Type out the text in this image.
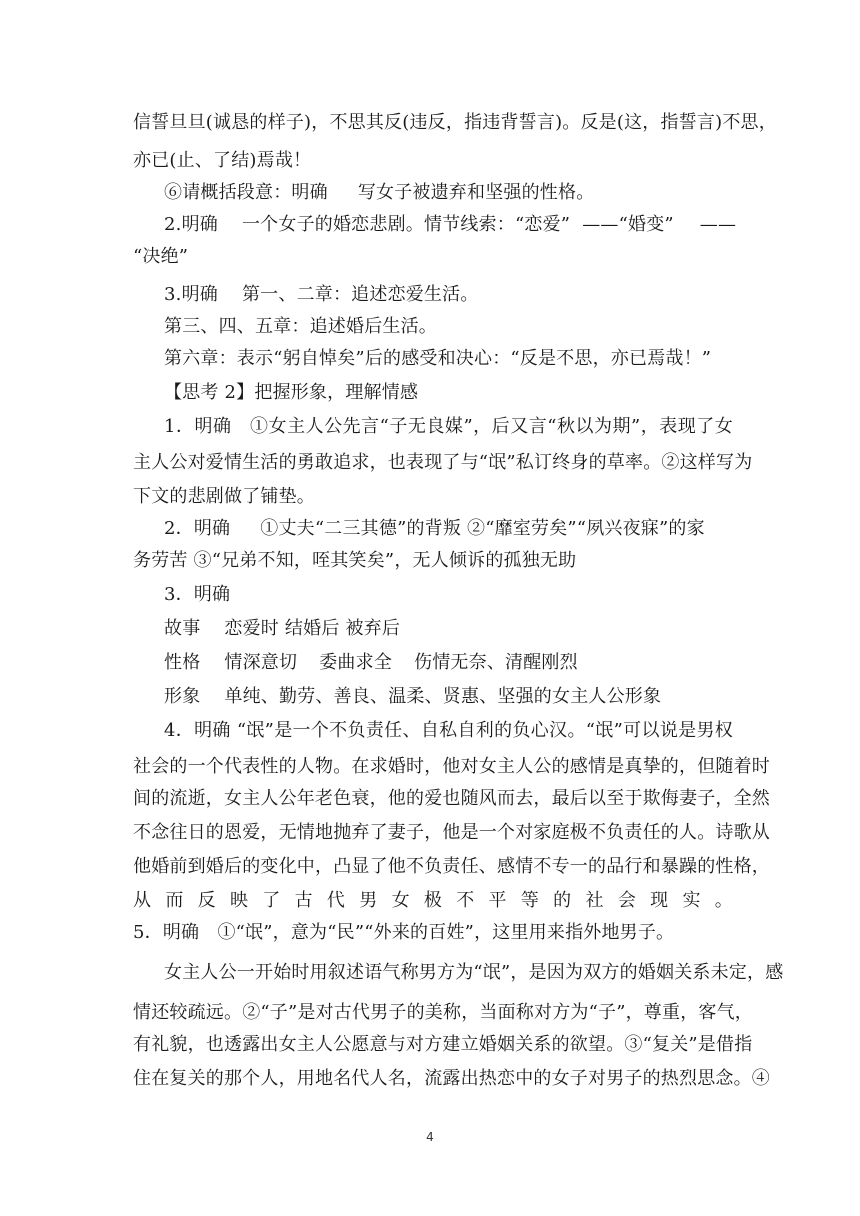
信誓旦旦(诚恳的样子)，不思其反(违反，指违背誓言)。反是(这，指誓言)不思，
亦已(止、了结)焉哉！
⑥请概括段意：明确 写女子被遗弃和坚强的性格。
2.明确 一个女子的婚恋悲剧。情节线索：“恋爱” ——“婚变” ——
“决绝”
3.明确 第一、二章：追述恋爱生活。
第三、四、五章：追述婚后生活。
第六章：表示“躬自悼矣”后的感受和决心：“反是不思，亦已焉哉！”
【思考 2】把握形象，理解情感
1．明确　①女主人公先言“子无良媒”，后又言“秋以为期”，表现了女
主人公对爱情生活的勇敢追求，也表现了与“氓”私订终身的草率。②这样写为
下文的悲剧做了铺垫。
2．明确 ①丈夫“二三其德”的背叛 ②“靡室劳矣”“夙兴夜寐”的家
务劳苦 ③“兄弟不知，咥其笑矣”，无人倾诉的孤独无助
3．明确
故事 恋爱时 结婚后 被弃后
性格 情深意切 委曲求全 伤情无奈、清醒刚烈
形象 单纯、勤劳、善良、温柔、贤惠、坚强的女主人公形象
4．明确 “氓”是一个不负责任、自私自利的负心汉。“氓”可以说是男权
社会的一个代表性的人物。在求婚时，他对女主人公的感情是真挚的，但随着时
间的流逝，女主人公年老色衰，他的爱也随风而去，最后以至于欺侮妻子，全然
不念往日的恩爱，无情地抛弃了妻子，他是一个对家庭极不负责任的人。诗歌从
他婚前到婚后的变化中，凸显了他不负责任、感情不专一的品行和暴躁的性格，
从而反映了古代男女极不平等的社会现实。
5．明确　①“氓”，意为“民”“外来的百姓”，这里用来指外地男子。
女主人公一开始时用叙述语气称男方为“氓”，是因为双方的婚姻关系未定，感
情还较疏远。②“子”是对古代男子的美称，当面称对方为“子”，尊重，客气，
有礼貌，也透露出女主人公愿意与对方建立婚姻关系的欲望。③“复关”是借指
住在复关的那个人，用地名代人名，流露出热恋中的女子对男子的热烈思念。④
4
